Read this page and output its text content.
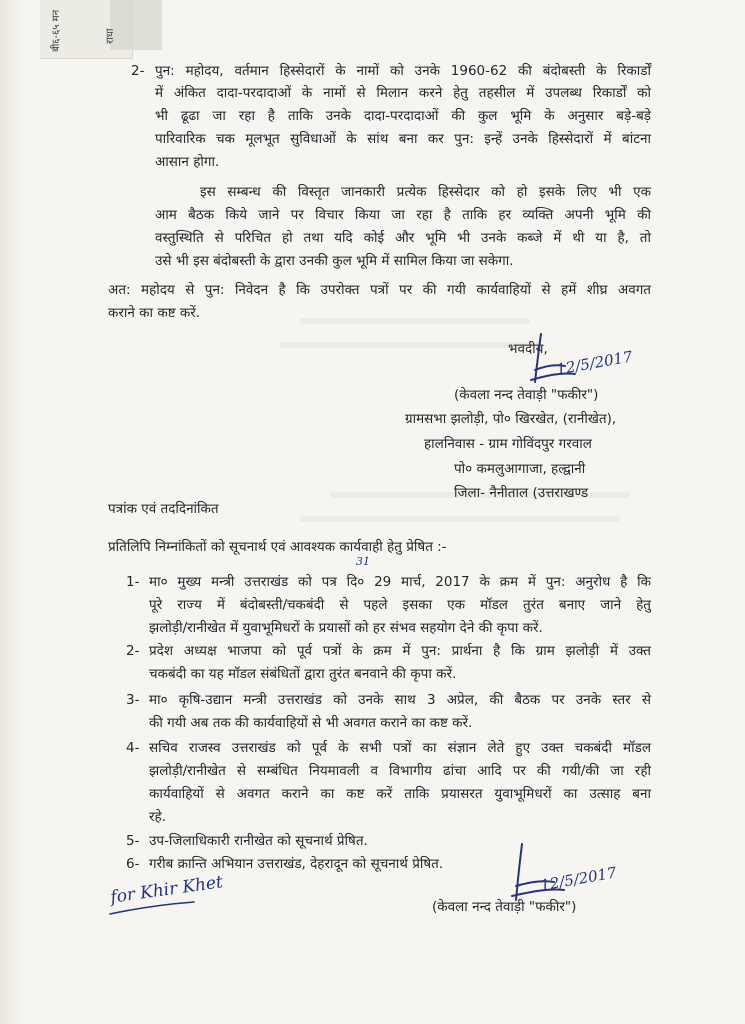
बी६-६५ मन	राधा
2- पुन: महोदय, वर्तमान हिस्सेदारों के नामों को उनके 1960-62 की बंदोबस्ती के रिकार्डों
में अंकित दादा-परदादाओं के नामों से मिलान करने हेतु तहसील में उपलब्ध रिकार्डों को
भी ढूढा जा रहा है ताकि उनके दादा-परदादाओं की कुल भूमि के अनुसार बड़े-बड़े
पारिवारिक चक मूलभूत सुविधाओं के सांथ बना कर पुन: इन्हें उनके हिस्सेदारों में बांटना
आसान होगा.
इस सम्बन्ध की विस्तृत जानकारी प्रत्येक हिस्सेदार को हो इसके लिए भी एक
आम बैठक किये जाने पर विचार किया जा रहा है ताकि हर व्यक्ति अपनी भूमि की
वस्तुस्थिति से परिचित हो तथा यदि कोई और भूमि भी उनके कब्जे में थी या है, तो
उसे भी इस बंदोबस्ती के द्वारा उनकी कुल भूमि में सामिल किया जा सकेगा.
अत: महोदय से पुन: निवेदन है कि उपरोक्त पत्रों पर की गयी कार्यवाहियों से हमें शीघ्र अवगत
कराने का कष्ट करें.
भवदीय, 12/5/2017
(केवला नन्द तेवाड़ी "फकीर")
ग्रामसभा झलोड़ी, पो० खिरखेत, (रानीखेत),
हालनिवास - ग्राम गोविंदपुर गरवाल
पो० कमलुआगाजा, हल्द्वानी
जिला- नैनीताल (उत्तराखण्ड
पत्रांक एवं तददिनांकित
प्रतिलिपि निम्नांकितों को सूचनार्थ एवं आवश्यक कार्यवाही हेतु प्रेषित :-
1-
31
मा० मुख्य मन्त्री उत्तराखंड को पत्र दि० 29 मार्च, 2017 के क्रम में पुन: अनुरोध है कि
पूरे राज्य में बंदोबस्ती/चकबंदी से पहले इसका एक मॉडल तुरंत बनाए जाने हेतु
झलोड़ी/रानीखेत में युवाभूमिधरों के प्रयासों को हर संभव सहयोग देने की कृपा करें.
2- प्रदेश अध्यक्ष भाजपा को पूर्व पत्रों के क्रम में पुन: प्रार्थना है कि ग्राम झलोड़ी में उक्त
चकबंदी का यह मॉडल संबंधितों द्वारा तुरंत बनवाने की कृपा करें.
3- मा० कृषि-उद्यान मन्त्री उत्तराखंड को उनके साथ 3 अप्रेल, की बैठक पर उनके स्तर से
की गयी अब तक की कार्यवाहियों से भी अवगत कराने का कष्ट करें.
4- सचिव राजस्व उत्तराखंड को पूर्व के सभी पत्रों का संज्ञान लेते हुए उक्त चकबंदी मॉडल
झलोड़ी/रानीखेत से सम्बंधित नियमावली व विभागीय ढांचा आदि पर की गयी/की जा रही
कार्यवाहियों से अवगत कराने का कष्ट करें ताकि प्रयासरत युवाभूमिधरों का उत्साह बना
रहे.
5- उप-जिलाधिकारी रानीखेत को सूचनार्थ प्रेषित.
6- गरीब क्रान्ति अभियान उत्तराखंड, देहरादून को सूचनार्थ प्रेषित.
for Khir Khet	12/5/2017
(केवला नन्द तेवाड़ी "फकीर")
